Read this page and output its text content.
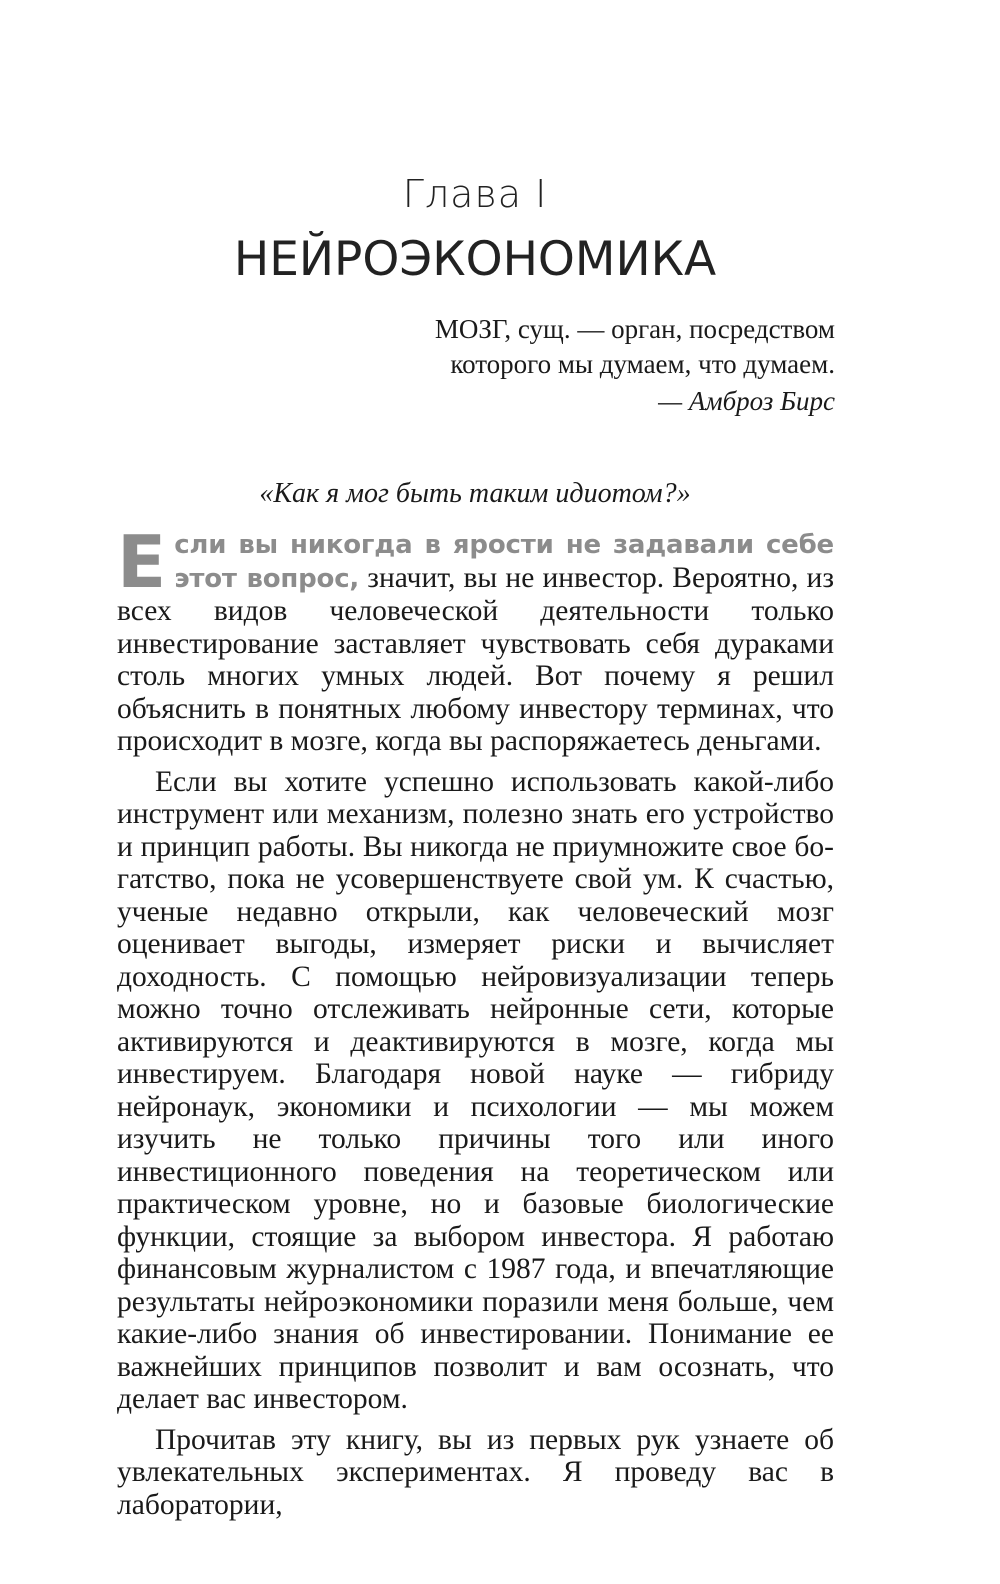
Глава I
НЕЙРОЭКОНОМИКА
МОЗГ, сущ. — орган, посредством
которого мы думаем, что думаем.
— Амброз Бирс
«Как я мог быть таким идиотом?»

Если вы никогда в ярости не задавали себе этот вопрос, значит, вы не инвестор. Вероятно, из всех видов человеческой деятельности только инвестирование заставляет чувствовать себя дураками столь многих умных людей. Вот почему я решил объяснить в понятных любому инвестору терминах, что происходит в мозге, когда вы распоряжаетесь деньгами.

Если вы хотите успешно использовать какой-либо инструмент или механизм, полезно знать его устройство и принцип работы. Вы никогда не приумножите свое богатство, пока не усовершенствуете свой ум. К счастью, ученые недавно открыли, как человеческий мозг оценивает выгоды, измеряет риски и вычисляет доходность. С помощью нейровизуализации теперь можно точно отслеживать нейронные сети, которые активируются и деактивируются в мозге, когда мы инвестируем. Благодаря новой науке — гибриду нейронаук, экономики и психологии — мы можем изучить не только причины того или иного инвестиционного поведения на теоретическом или практическом уровне, но и базовые биологические функции, стоящие за выбором инвестора. Я работаю финансовым журналистом с 1987 года, и впечатляющие результаты нейроэкономики поразили меня больше, чем какие-либо знания об инвестировании. Понимание ее важнейших принципов позволит и вам осознать, что делает вас инвестором.

Прочитав эту книгу, вы из первых рук узнаете об увлекательных экспериментах. Я проведу вас в лаборатории,
